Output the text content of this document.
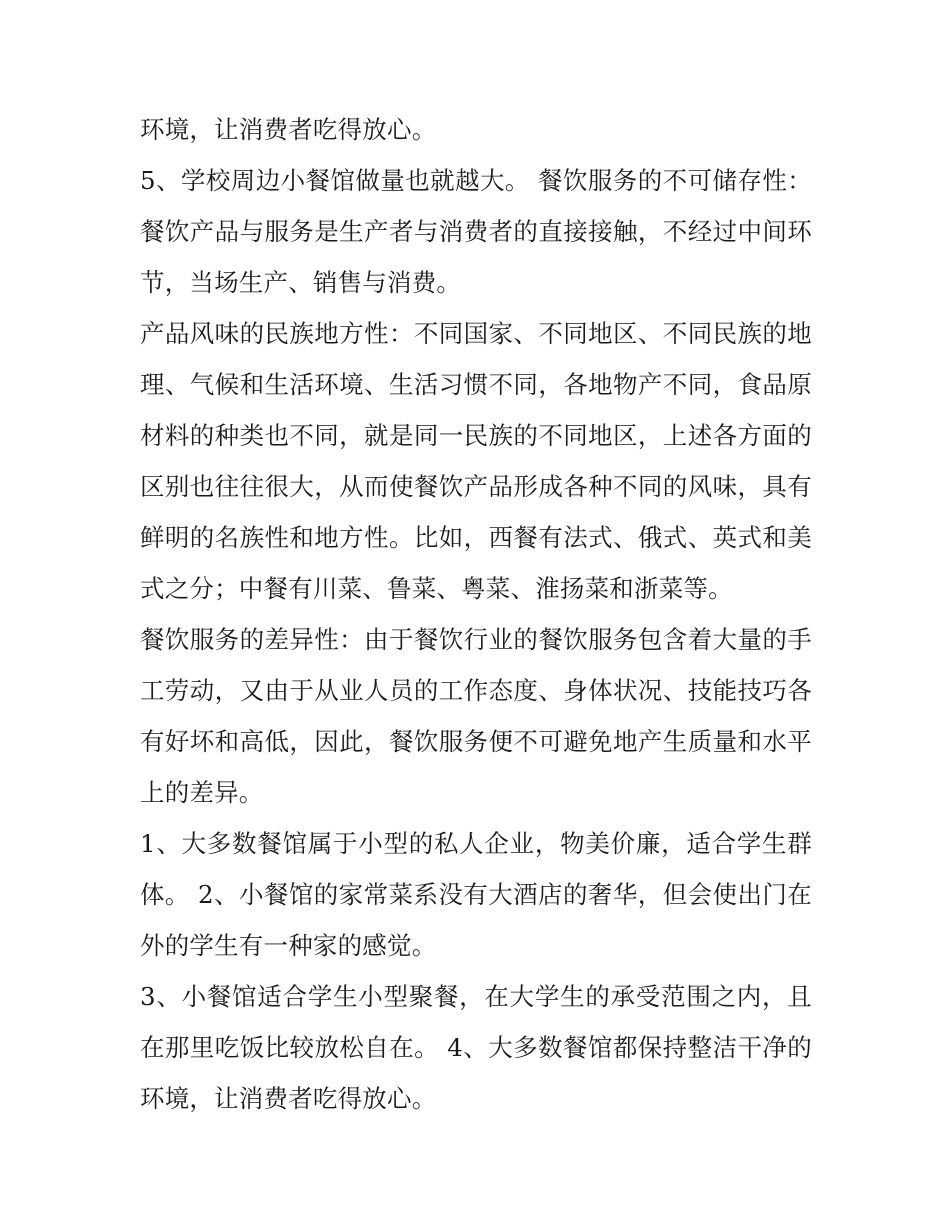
环境，让消费者吃得放心。

5、学校周边小餐馆做量也就越大。 餐饮服务的不可储存性：餐饮产品与服务是生产者与消费者的直接接触，不经过中间环节，当场生产、销售与消费。

产品风味的民族地方性：不同国家、不同地区、不同民族的地理、气候和生活环境、生活习惯不同，各地物产不同，食品原材料的种类也不同，就是同一民族的不同地区，上述各方面的区别也往往很大，从而使餐饮产品形成各种不同的风味，具有鲜明的名族性和地方性。比如，西餐有法式、俄式、英式和美式之分；中餐有川菜、鲁菜、粤菜、淮扬菜和浙菜等。

餐饮服务的差异性：由于餐饮行业的餐饮服务包含着大量的手工劳动，又由于从业人员的工作态度、身体状况、技能技巧各有好坏和高低，因此，餐饮服务便不可避免地产生质量和水平上的差异。

1、大多数餐馆属于小型的私人企业，物美价廉，适合学生群体。 2、小餐馆的家常菜系没有大酒店的奢华，但会使出门在外的学生有一种家的感觉。

3、小餐馆适合学生小型聚餐，在大学生的承受范围之内，且在那里吃饭比较放松自在。 4、大多数餐馆都保持整洁干净的环境，让消费者吃得放心。
